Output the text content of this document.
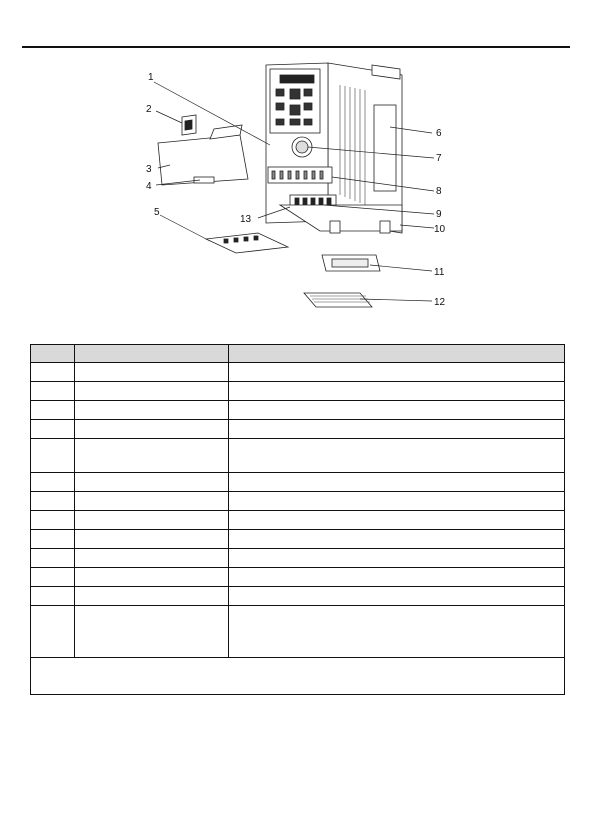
1
2
3
4
5
6
7
8
9
10
11
12
13
